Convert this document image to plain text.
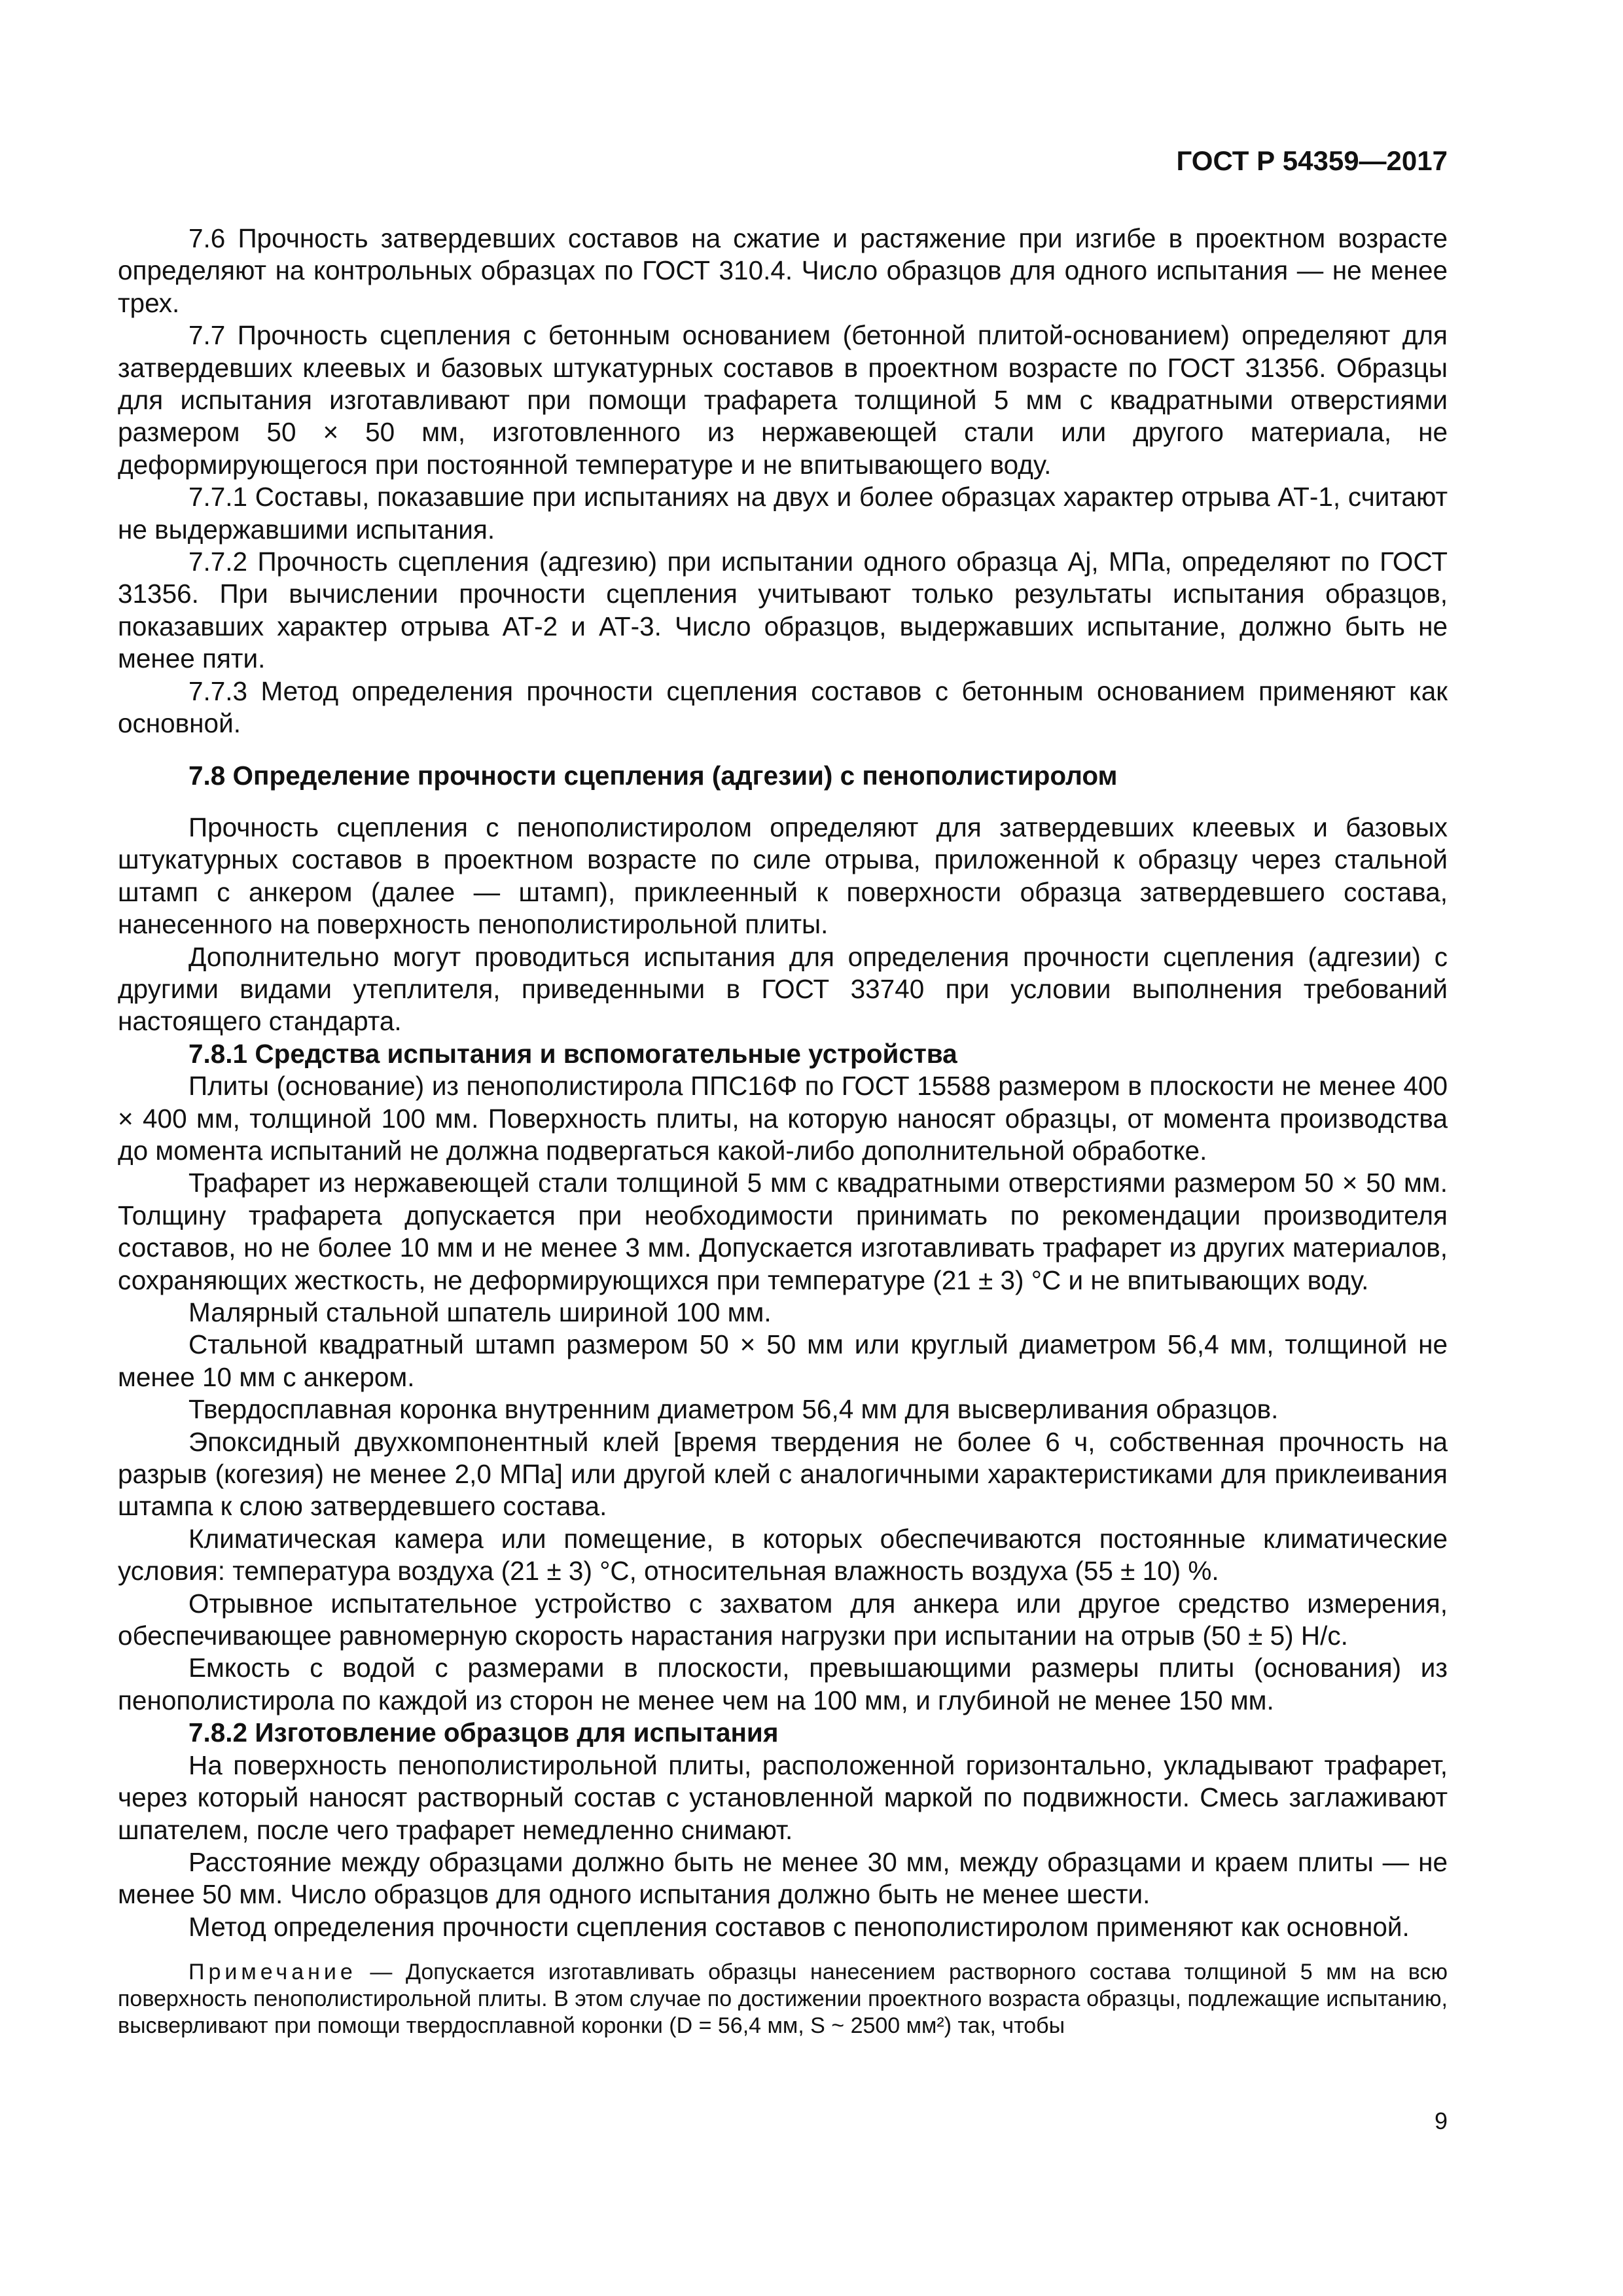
ГОСТ Р 54359—2017

7.6 Прочность затвердевших составов на сжатие и растяжение при изгибе в проектном возрасте определяют на контрольных образцах по ГОСТ 310.4. Число образцов для одного испытания — не менее трех.

7.7 Прочность сцепления с бетонным основанием (бетонной плитой-основанием) определяют для затвердевших клеевых и базовых штукатурных составов в проектном возрасте по ГОСТ 31356. Образцы для испытания изготавливают при помощи трафарета толщиной 5 мм с квадратными отверстиями размером 50 × 50 мм, изготовленного из нержавеющей стали или другого материала, не деформирующегося при постоянной температуре и не впитывающего воду.

7.7.1 Составы, показавшие при испытаниях на двух и более образцах характер отрыва АТ-1, считают не выдержавшими испытания.

7.7.2 Прочность сцепления (адгезию) при испытании одного образца Aj, МПа, определяют по ГОСТ 31356. При вычислении прочности сцепления учитывают только результаты испытания образцов, показавших характер отрыва АТ-2 и АТ-3. Число образцов, выдержавших испытание, должно быть не менее пяти.

7.7.3 Метод определения прочности сцепления составов с бетонным основанием применяют как основной.

7.8 Определение прочности сцепления (адгезии) с пенополистиролом

Прочность сцепления с пенополистиролом определяют для затвердевших клеевых и базовых штукатурных составов в проектном возрасте по силе отрыва, приложенной к образцу через стальной штамп с анкером (далее — штамп), приклеенный к поверхности образца затвердевшего состава, нанесенного на поверхность пенополистирольной плиты.

Дополнительно могут проводиться испытания для определения прочности сцепления (адгезии) с другими видами утеплителя, приведенными в ГОСТ 33740 при условии выполнения требований настоящего стандарта.

7.8.1 Средства испытания и вспомогательные устройства

Плиты (основание) из пенополистирола ППС16Ф по ГОСТ 15588 размером в плоскости не менее 400 × 400 мм, толщиной 100 мм. Поверхность плиты, на которую наносят образцы, от момента производства до момента испытаний не должна подвергаться какой-либо дополнительной обработке.

Трафарет из нержавеющей стали толщиной 5 мм с квадратными отверстиями размером 50 × 50 мм. Толщину трафарета допускается при необходимости принимать по рекомендации производителя составов, но не более 10 мм и не менее 3 мм. Допускается изготавливать трафарет из других материалов, сохраняющих жесткость, не деформирующихся при температуре (21 ± 3) °С и не впитывающих воду.

Малярный стальной шпатель шириной 100 мм.

Стальной квадратный штамп размером 50 × 50 мм или круглый диаметром 56,4 мм, толщиной не менее 10 мм с анкером.

Твердосплавная коронка внутренним диаметром 56,4 мм для высверливания образцов.

Эпоксидный двухкомпонентный клей [время твердения не более 6 ч, собственная прочность на разрыв (когезия) не менее 2,0 МПа] или другой клей с аналогичными характеристиками для приклеивания штампа к слою затвердевшего состава.

Климатическая камера или помещение, в которых обеспечиваются постоянные климатические условия: температура воздуха (21 ± 3) °С, относительная влажность воздуха (55 ± 10) %.

Отрывное испытательное устройство с захватом для анкера или другое средство измерения, обеспечивающее равномерную скорость нарастания нагрузки при испытании на отрыв (50 ± 5) Н/с.

Емкость с водой с размерами в плоскости, превышающими размеры плиты (основания) из пенополистирола по каждой из сторон не менее чем на 100 мм, и глубиной не менее 150 мм.

7.8.2 Изготовление образцов для испытания

На поверхность пенополистирольной плиты, расположенной горизонтально, укладывают трафарет, через который наносят растворный состав с установленной маркой по подвижности. Смесь заглаживают шпателем, после чего трафарет немедленно снимают.

Расстояние между образцами должно быть не менее 30 мм, между образцами и краем плиты — не менее 50 мм. Число образцов для одного испытания должно быть не менее шести.

Метод определения прочности сцепления составов с пенополистиролом применяют как основной.

Примечание — Допускается изготавливать образцы нанесением растворного состава толщиной 5 мм на всю поверхность пенополистирольной плиты. В этом случае по достижении проектного возраста образцы, подлежащие испытанию, высверливают при помощи твердосплавной коронки (D = 56,4 мм, S ~ 2500 мм²) так, чтобы
9
